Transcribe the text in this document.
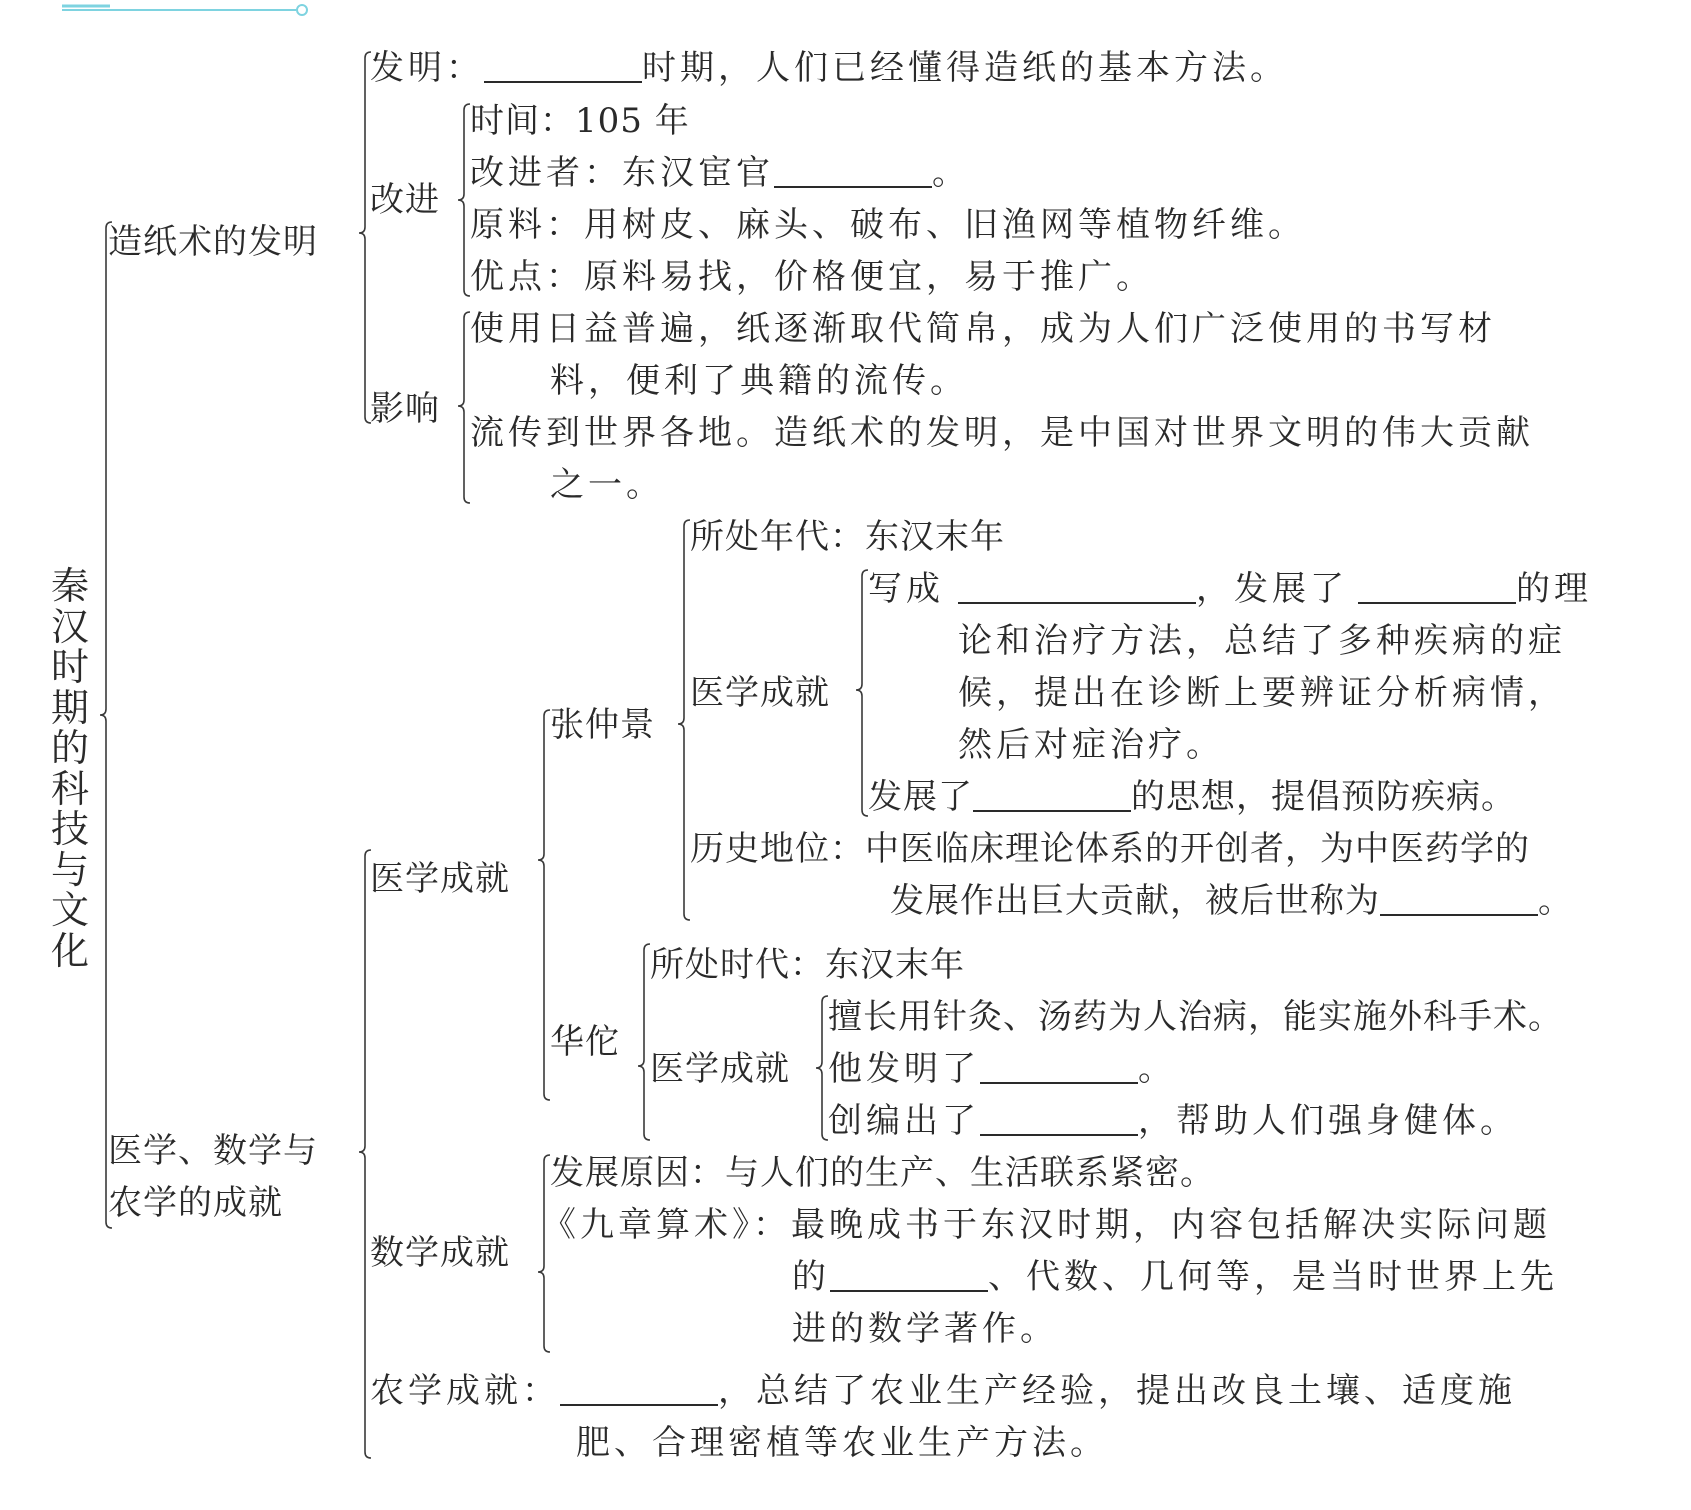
秦汉时期的科技与文化
造纸术的发明
发明：	时期，人们已经懂得造纸的基本方法。
改进
时间：105 年
改进者：东汉宦官	。
原料：用树皮、麻头、破布、旧渔网等植物纤维。
优点：原料易找，价格便宜，易于推广。
影响
使用日益普遍，纸逐渐取代简帛，成为人们广泛使用的书写材
料，便利了典籍的流传。
流传到世界各地。造纸术的发明，是中国对世界文明的伟大贡献
之一。
医学、数学与
农学的成就
医学成就
张仲景
所处年代：东汉末年
医学成就
写成	，发展了	的理
论和治疗方法，总结了多种疾病的症
候，提出在诊断上要辨证分析病情，
然后对症治疗。
发展了	的思想，提倡预防疾病。
历史地位：中医临床理论体系的开创者，为中医药学的
发展作出巨大贡献，被后世称为	。
华佗
所处时代：东汉末年
医学成就
擅长用针灸、汤药为人治病，能实施外科手术。
他发明了	。
创编出了	，帮助人们强身健体。
数学成就
发展原因：与人们的生产、生活联系紧密。
《九章算术》：最晚成书于东汉时期，内容包括解决实际问题
的	、代数、几何等，是当时世界上先
进的数学著作。
农学成就：	，总结了农业生产经验，提出改良土壤、适度施
肥、合理密植等农业生产方法。
